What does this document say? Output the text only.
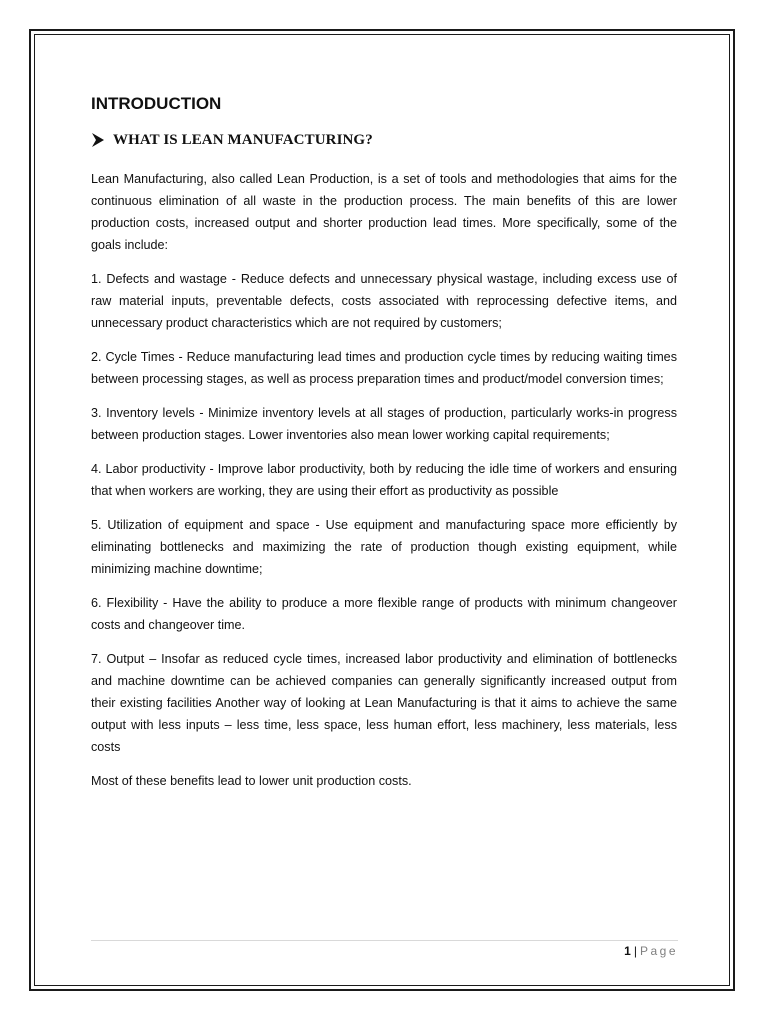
INTRODUCTION
WHAT IS LEAN MANUFACTURING?

Lean Manufacturing, also called Lean Production, is a set of tools and methodologies that aims for the continuous elimination of all waste in the production process. The main benefits of this are lower production costs, increased output and shorter production lead times. More specifically, some of the goals include:

1. Defects and wastage - Reduce defects and unnecessary physical wastage, including excess use of raw material inputs, preventable defects, costs associated with reprocessing defective items, and unnecessary product characteristics which are not required by customers;

2. Cycle Times - Reduce manufacturing lead times and production cycle times by reducing waiting times between processing stages, as well as process preparation times and product/model conversion times;

3. Inventory levels - Minimize inventory levels at all stages of production, particularly works-in progress between production stages. Lower inventories also mean lower working capital requirements;

4. Labor productivity - Improve labor productivity, both by reducing the idle time of workers and ensuring that when workers are working, they are using their effort as productivity as possible

5. Utilization of equipment and space - Use equipment and manufacturing space more efficiently by eliminating bottlenecks and maximizing the rate of production though existing equipment, while minimizing machine downtime;

6. Flexibility - Have the ability to produce a more flexible range of products with minimum changeover costs and changeover time.

7. Output – Insofar as reduced cycle times, increased labor productivity and elimination of bottlenecks and machine downtime can be achieved companies can generally significantly increased output from their existing facilities Another way of looking at Lean Manufacturing is that it aims to achieve the same output with less inputs – less time, less space, less human effort, less machinery, less materials, less costs

Most of these benefits lead to lower unit production costs.

1 | Page
